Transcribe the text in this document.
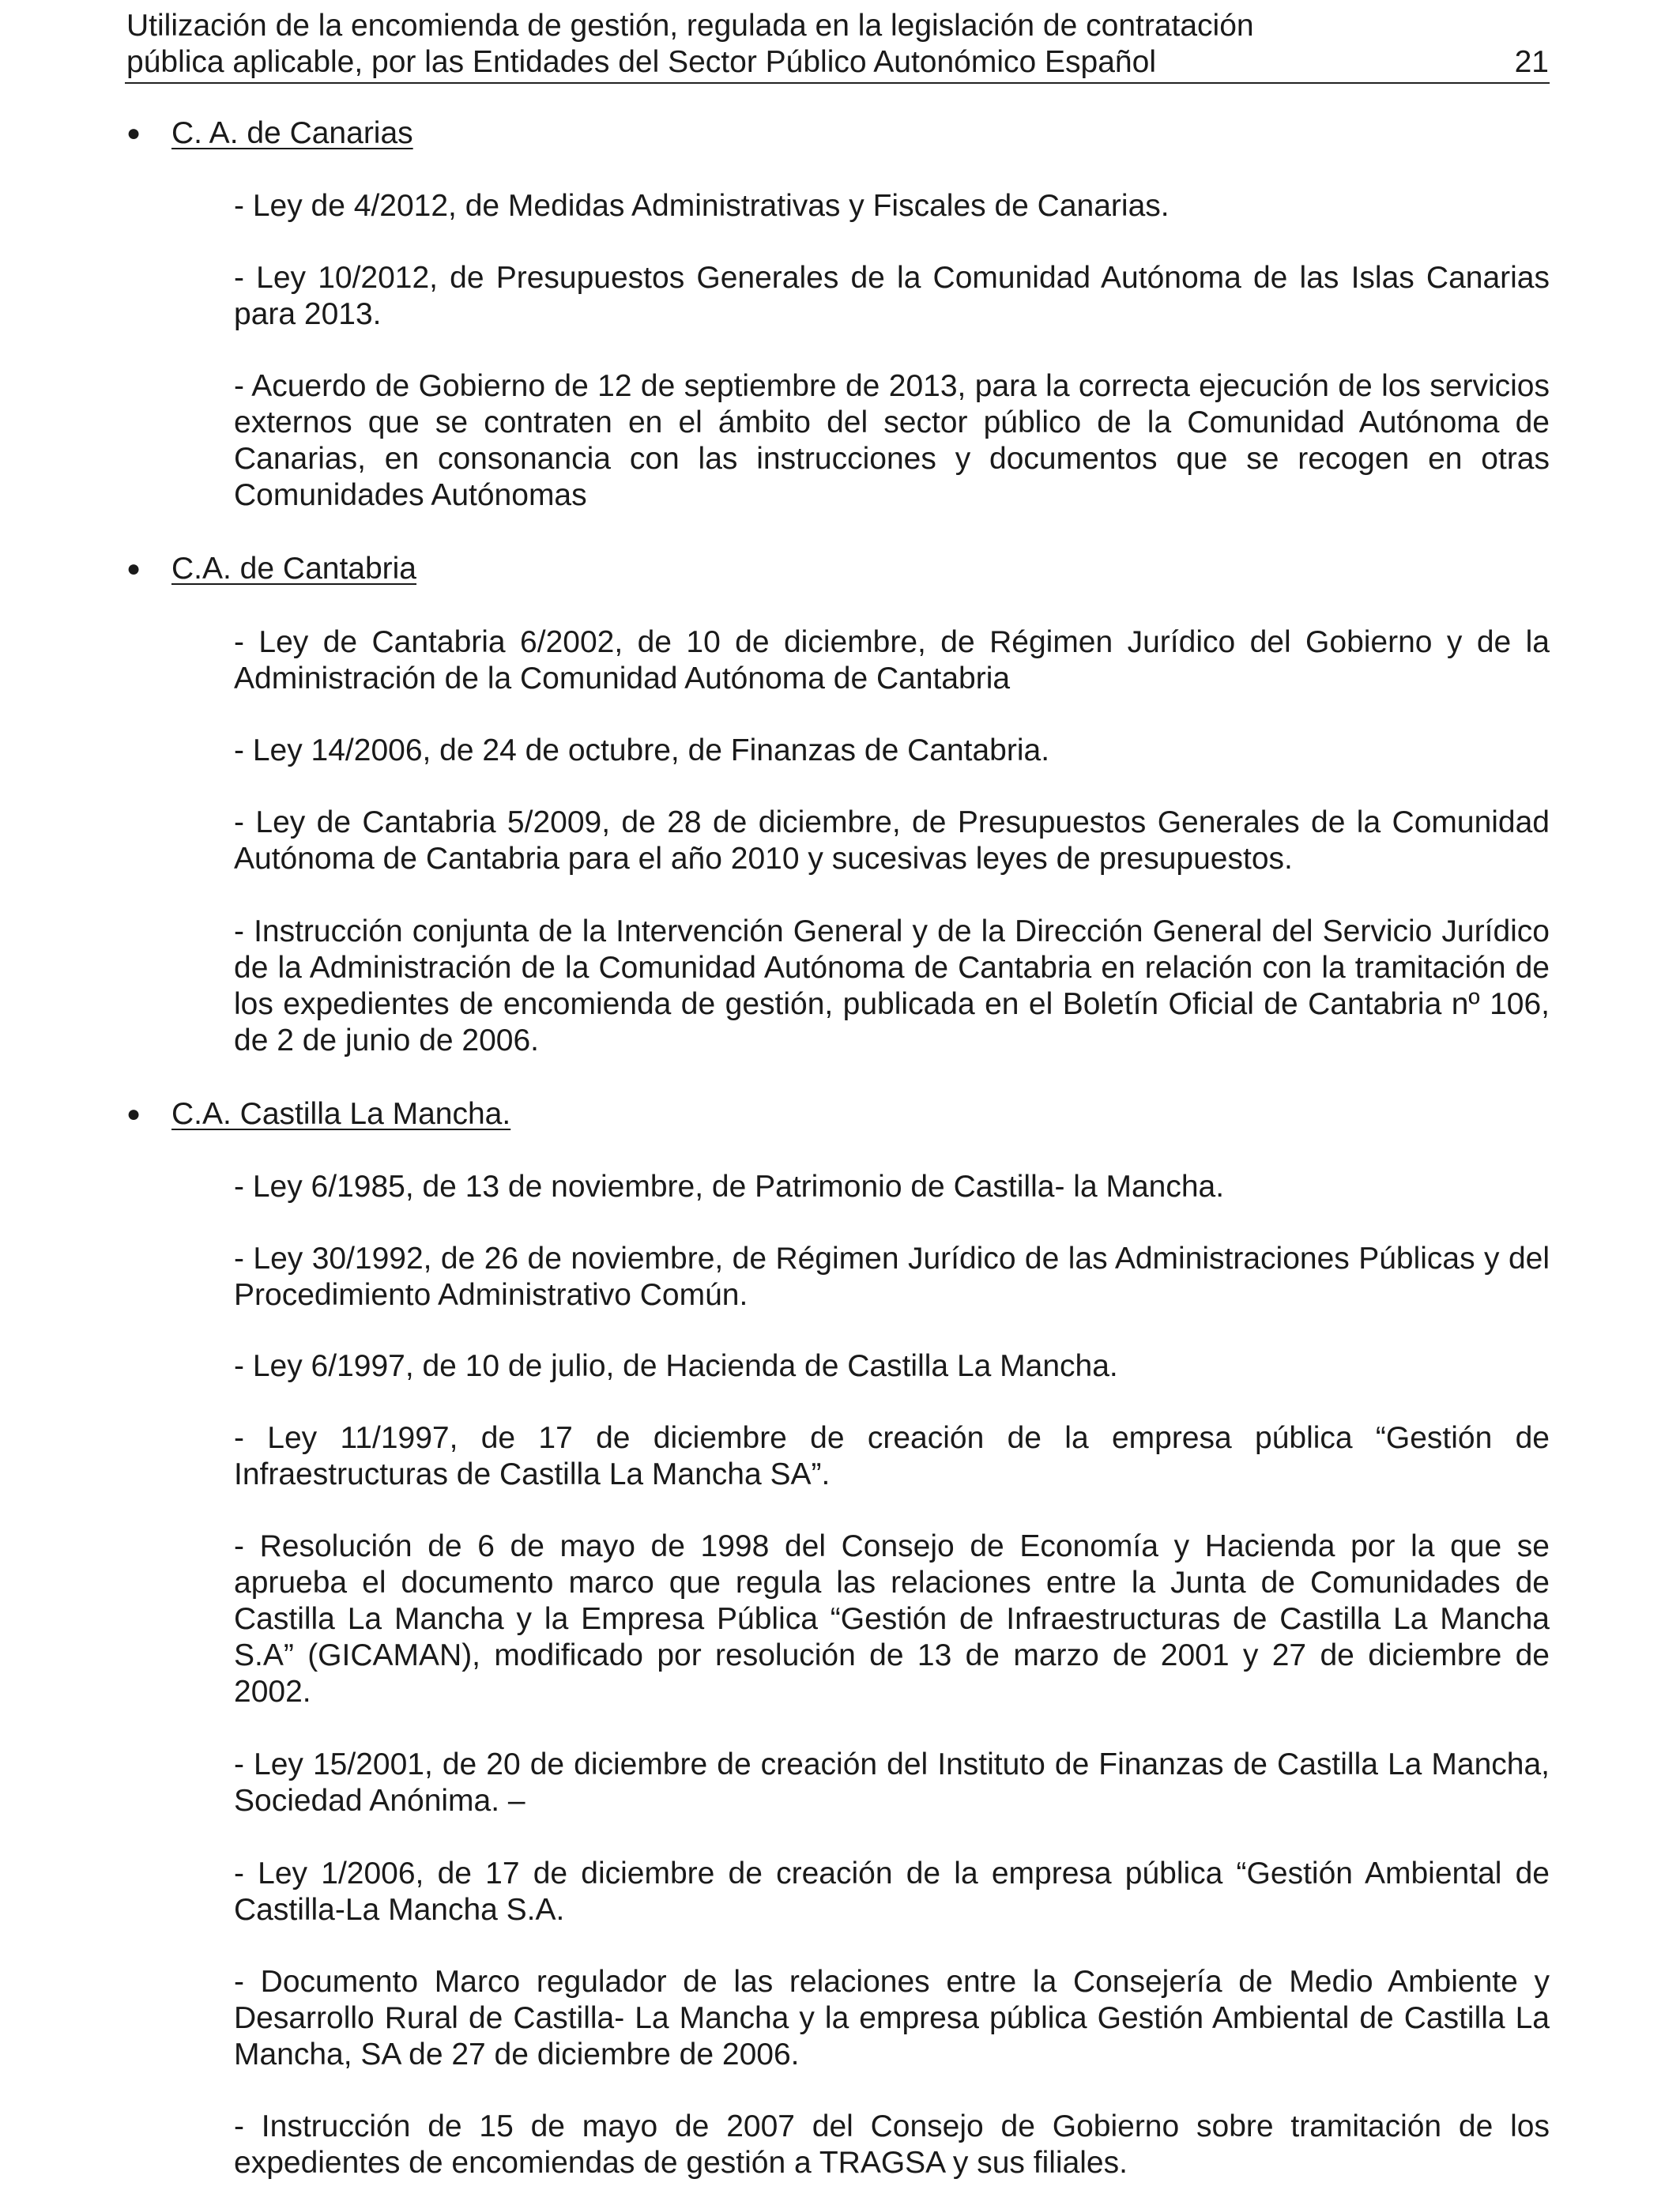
Utilización de la encomienda de gestión, regulada en la legislación de contratación
pública aplicable, por las Entidades del Sector Público Autonómico Español	21
● C. A. de Canarias

- Ley de 4/2012, de Medidas Administrativas y Fiscales de Canarias.

- Ley 10/2012, de Presupuestos Generales de la Comunidad Autónoma de las Islas Canarias para 2013.

- Acuerdo de Gobierno de 12 de septiembre de 2013, para la correcta ejecución de los servicios externos que se contraten en el ámbito del sector público de la Comunidad Autónoma de Canarias, en consonancia con las instrucciones y documentos que se recogen en otras Comunidades Autónomas

● C.A. de Cantabria

- Ley de Cantabria 6/2002, de 10 de diciembre, de Régimen Jurídico del Gobierno y de la Administración de la Comunidad Autónoma de Cantabria

- Ley 14/2006, de 24 de octubre, de Finanzas de Cantabria.

- Ley de Cantabria 5/2009, de 28 de diciembre, de Presupuestos Generales de la Comunidad Autónoma de Cantabria para el año 2010 y sucesivas leyes de presupuestos.

- Instrucción conjunta de la Intervención General y de la Dirección General del Servicio Jurídico de la Administración de la Comunidad Autónoma de Cantabria en relación con la tramitación de los expedientes de encomienda de gestión, publicada en el Boletín Oficial de Cantabria nº 106, de 2 de junio de 2006.

● C.A. Castilla La Mancha.

- Ley 6/1985, de 13 de noviembre, de Patrimonio de Castilla- la Mancha.

- Ley 30/1992, de 26 de noviembre, de Régimen Jurídico de las Administraciones Públicas y del Procedimiento Administrativo Común.

- Ley 6/1997, de 10 de julio, de Hacienda de Castilla La Mancha.

- Ley 11/1997, de 17 de diciembre de creación de la empresa pública “Gestión de Infraestructuras de Castilla La Mancha SA”.

- Resolución de 6 de mayo de 1998 del Consejo de Economía y Hacienda por la que se aprueba el documento marco que regula las relaciones entre la Junta de Comunidades de Castilla La Mancha y la Empresa Pública “Gestión de Infraestructuras de Castilla La Mancha S.A” (GICAMAN), modificado por resolución de 13 de marzo de 2001 y 27 de diciembre de 2002.

- Ley 15/2001, de 20 de diciembre de creación del Instituto de Finanzas de Castilla La Mancha, Sociedad Anónima. –

- Ley 1/2006, de 17 de diciembre de creación de la empresa pública “Gestión Ambiental de Castilla-La Mancha S.A.

- Documento Marco regulador de las relaciones entre la Consejería de Medio Ambiente y Desarrollo Rural de Castilla- La Mancha y la empresa pública Gestión Ambiental de Castilla La Mancha, SA de 27 de diciembre de 2006.

- Instrucción de 15 de mayo de 2007 del Consejo de Gobierno sobre tramitación de los expedientes de encomiendas de gestión a TRAGSA y sus filiales.
